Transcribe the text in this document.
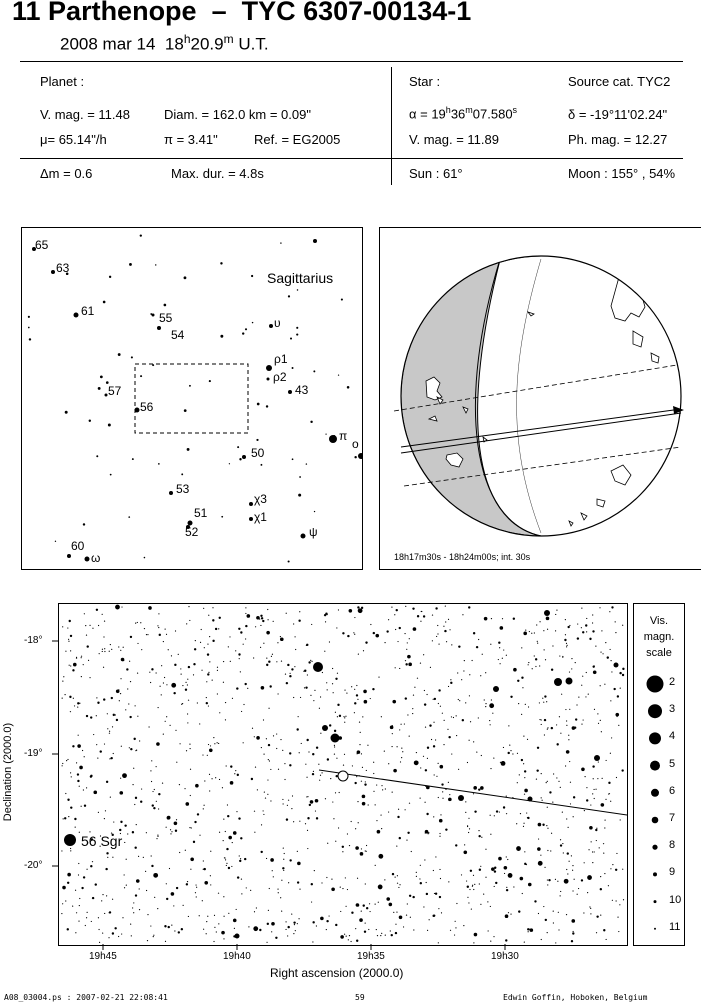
11 Parthenope  –  TYC 6307-00134-1
2008 mar 14 18$^h$20.9$^m$ U.T.
Planet :
V. mag. = 11.48	Diam. = 162.0 km = 0.09"
μ= 65.14"/h	π = 3.41"	Ref. = EG2005
Δm = 0.6	Max. dur. = 4.8s
Star :	Source cat. TYC2
$\alpha = 19^h36^m07.580^s$	δ = -19°11'02.24"
V. mag. = 11.89	Ph. mag. = 12.27
Sun : 61°	Moon : 155° , 54%
65
63
61	55
54
υ
ρ1
ρ2
43
57
56
π
o
50
53
χ3
51	χ1
52	ψ
60
ω
Sagittarius
18h17m30s - 18h24m00s; int. 30s
56 Sgr
-18°
-19°
-20°
19h45	19h40	19h35	19h30
Right ascension (2000.0)
Declination (2000.0)
Vis.
magn.
scale
2
3
4
5
6
7
8
9
10
11
A08_03004.ps : 2007-02-21 22:08:41	59	Edwin Goffin, Hoboken, Belgium
